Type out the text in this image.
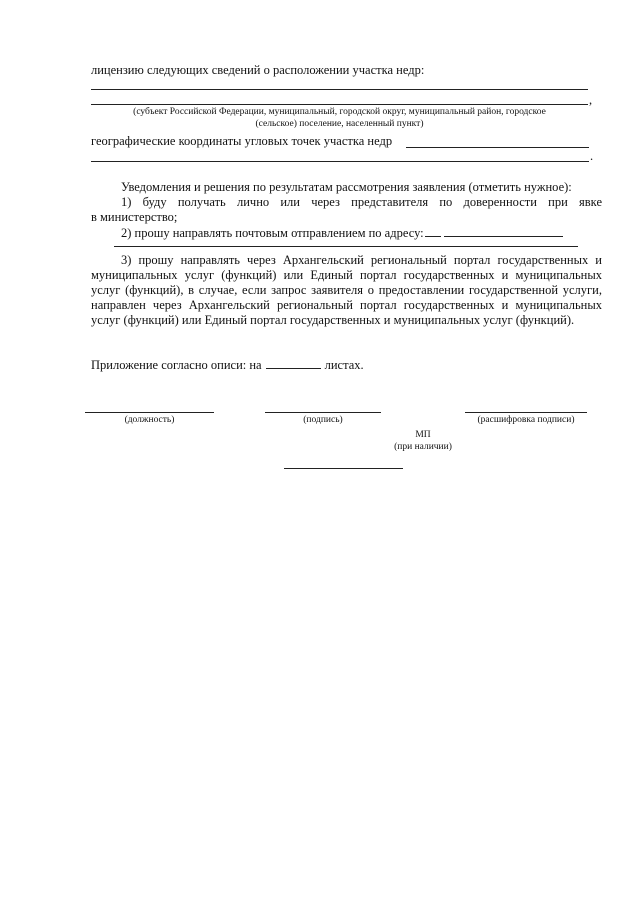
лицензию следующих сведений о расположении участка недр:
,
(субъект Российской Федерации, муниципальный, городской округ, муниципальный район, городское
(сельское) поселение, населенный пункт)
географические координаты угловых точек участка недр
.
Уведомления и решения по результатам рассмотрения заявления (отметить нужное):
1) буду получать лично или через представителя по доверенности при явке
в министерство;
2) прошу направлять почтовым отправлением по адресу:
3) прошу направлять через Архангельский региональный портал государственных и муниципальных услуг (функций) или Единый портал государственных и муниципальных услуг (функций), в случае, если запрос заявителя о предоставлении государственной услуги, направлен через Архангельский региональный портал государственных и муниципальных услуг (функций) или Единый портал государственных и муниципальных услуг (функций).
Приложение согласно описи: на	листах.
(должность)	(подпись)	(расшифровка подписи)
МП
(при наличии)
